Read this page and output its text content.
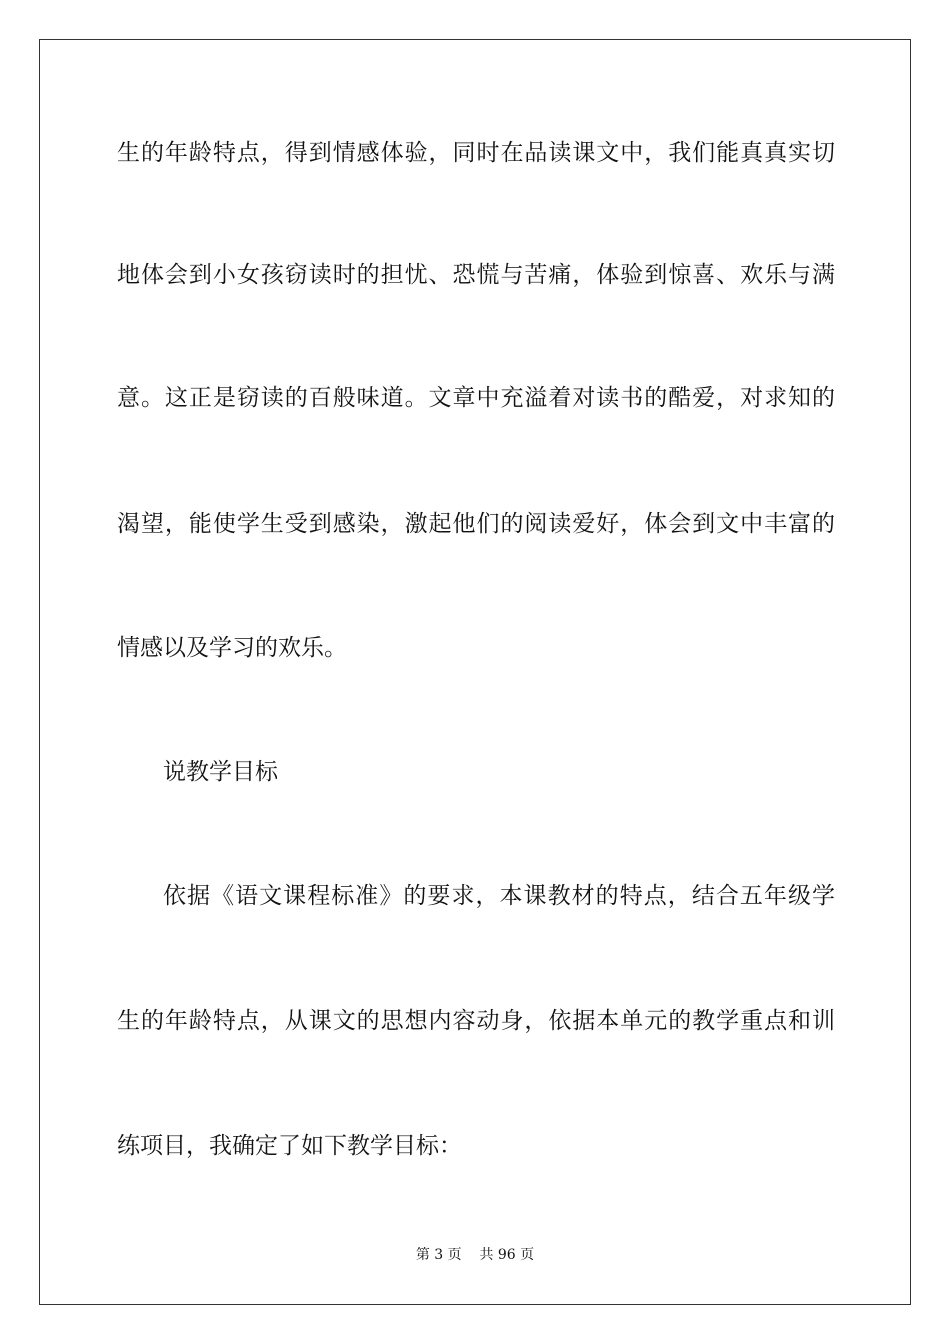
生的年龄特点，得到情感体验，同时在品读课文中，我们能真真实切
地体会到小女孩窃读时的担忧、恐慌与苦痛，体验到惊喜、欢乐与满
意。这正是窃读的百般味道。文章中充溢着对读书的酷爱，对求知的
渴望，能使学生受到感染，激起他们的阅读爱好，体会到文中丰富的
情感以及学习的欢乐。
说教学目标
依据《语文课程标准》的要求，本课教材的特点，结合五年级学
生的年龄特点，从课文的思想内容动身，依据本单元的教学重点和训
练项目，我确定了如下教学目标：
第 3 页 共 96 页
